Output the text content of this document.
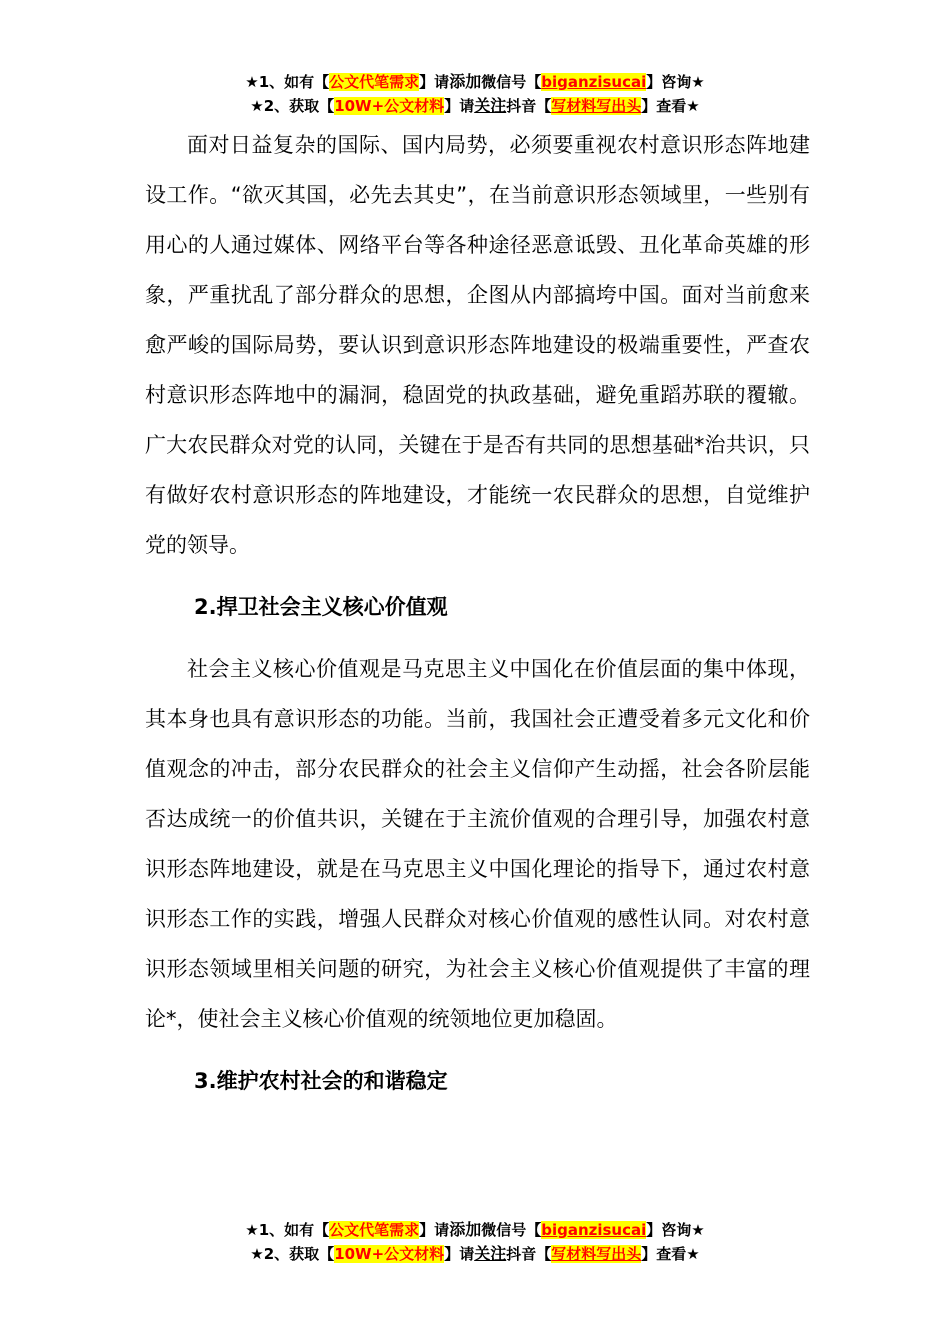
★1、如有【公文代笔需求】请添加微信号【biganzisucai】咨询★
★2、获取【10W+公文材料】请关注抖音【写材料写出头】查看★

面对日益复杂的国际、国内局势，必须要重视农村意识形态阵地建设工作。“欲灭其国，必先去其史”，在当前意识形态领域里，一些别有用心的人通过媒体、网络平台等各种途径恶意诋毁、丑化革命英雄的形象，严重扰乱了部分群众的思想，企图从内部搞垮中国。面对当前愈来愈严峻的国际局势，要认识到意识形态阵地建设的极端重要性，严查农村意识形态阵地中的漏洞，稳固党的执政基础，避免重蹈苏联的覆辙。广大农民群众对党的认同，关键在于是否有共同的思想基础*治共识，只有做好农村意识形态的阵地建设，才能统一农民群众的思想，自觉维护党的领导。

2.捍卫社会主义核心价值观

社会主义核心价值观是马克思主义中国化在价值层面的集中体现，其本身也具有意识形态的功能。当前，我国社会正遭受着多元文化和价值观念的冲击，部分农民群众的社会主义信仰产生动摇，社会各阶层能否达成统一的价值共识，关键在于主流价值观的合理引导，加强农村意识形态阵地建设，就是在马克思主义中国化理论的指导下，通过农村意识形态工作的实践，增强人民群众对核心价值观的感性认同。对农村意识形态领域里相关问题的研究，为社会主义核心价值观提供了丰富的理论*，使社会主义核心价值观的统领地位更加稳固。

3.维护农村社会的和谐稳定

★1、如有【公文代笔需求】请添加微信号【biganzisucai】咨询★
★2、获取【10W+公文材料】请关注抖音【写材料写出头】查看★
